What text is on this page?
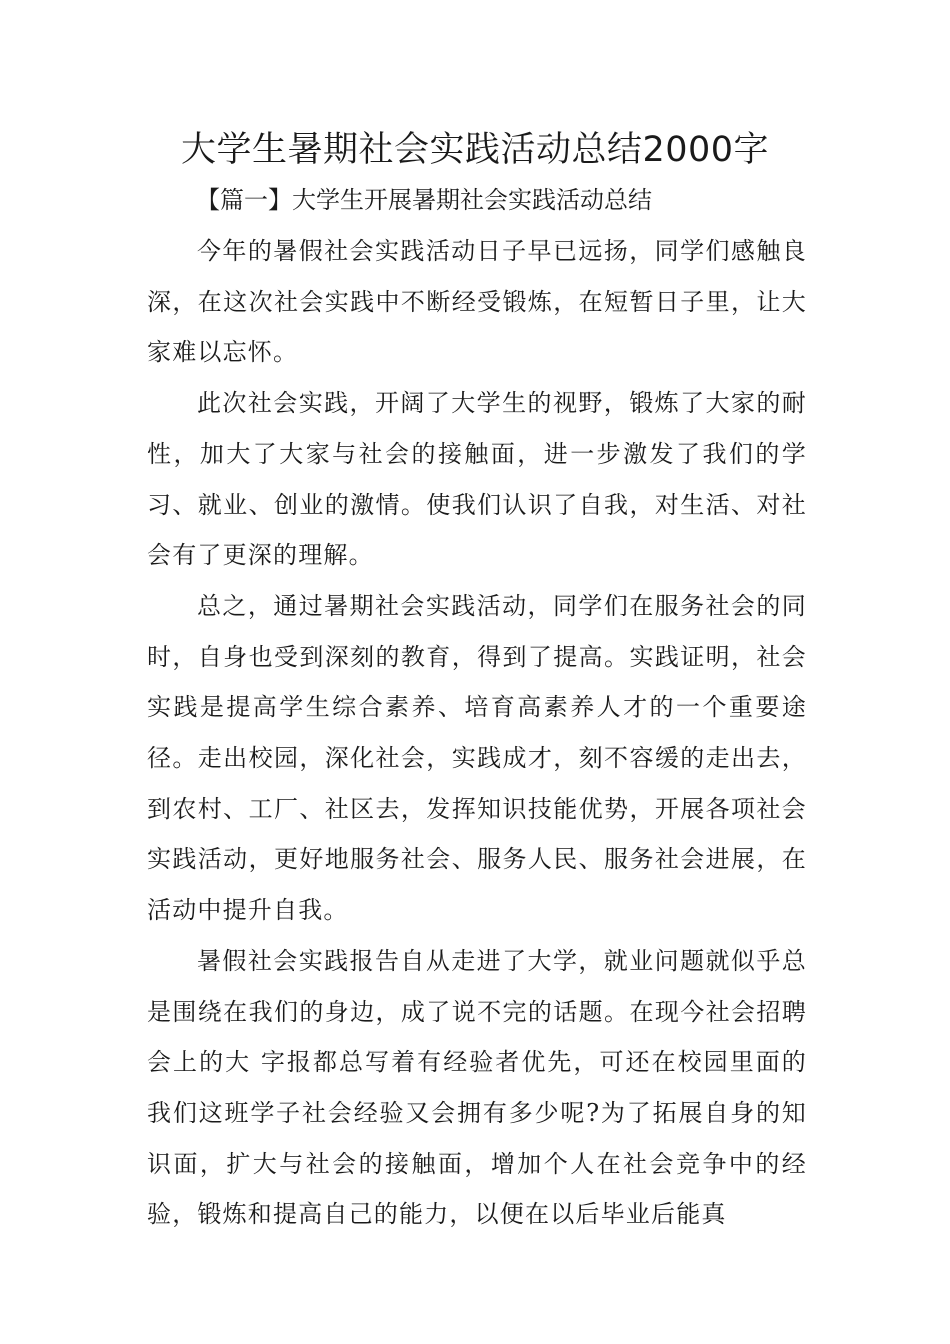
大学生暑期社会实践活动总结2000字

【篇一】大学生开展暑期社会实践活动总结

今年的暑假社会实践活动日子早已远扬，同学们感触良深，在这次社会实践中不断经受锻炼，在短暂日子里，让大家难以忘怀。

此次社会实践，开阔了大学生的视野，锻炼了大家的耐性，加大了大家与社会的接触面，进一步激发了我们的学习、就业、创业的激情。使我们认识了自我，对生活、对社会有了更深的理解。

总之，通过暑期社会实践活动，同学们在服务社会的同时，自身也受到深刻的教育，得到了提高。实践证明，社会实践是提高学生综合素养、培育高素养人才的一个重要途径。走出校园，深化社会，实践成才，刻不容缓的走出去，到农村、工厂、社区去，发挥知识技能优势，开展各项社会实践活动，更好地服务社会、服务人民、服务社会进展，在活动中提升自我。

暑假社会实践报告自从走进了大学，就业问题就似乎总是围绕在我们的身边，成了说不完的话题。在现今社会招聘会上的大 字报都总写着有经验者优先，可还在校园里面的我们这班学子社会经验又会拥有多少呢?为了拓展自身的知识面，扩大与社会的接触面，增加个人在社会竞争中的经验，锻炼和提高自己的能力，以便在以后毕业后能真
